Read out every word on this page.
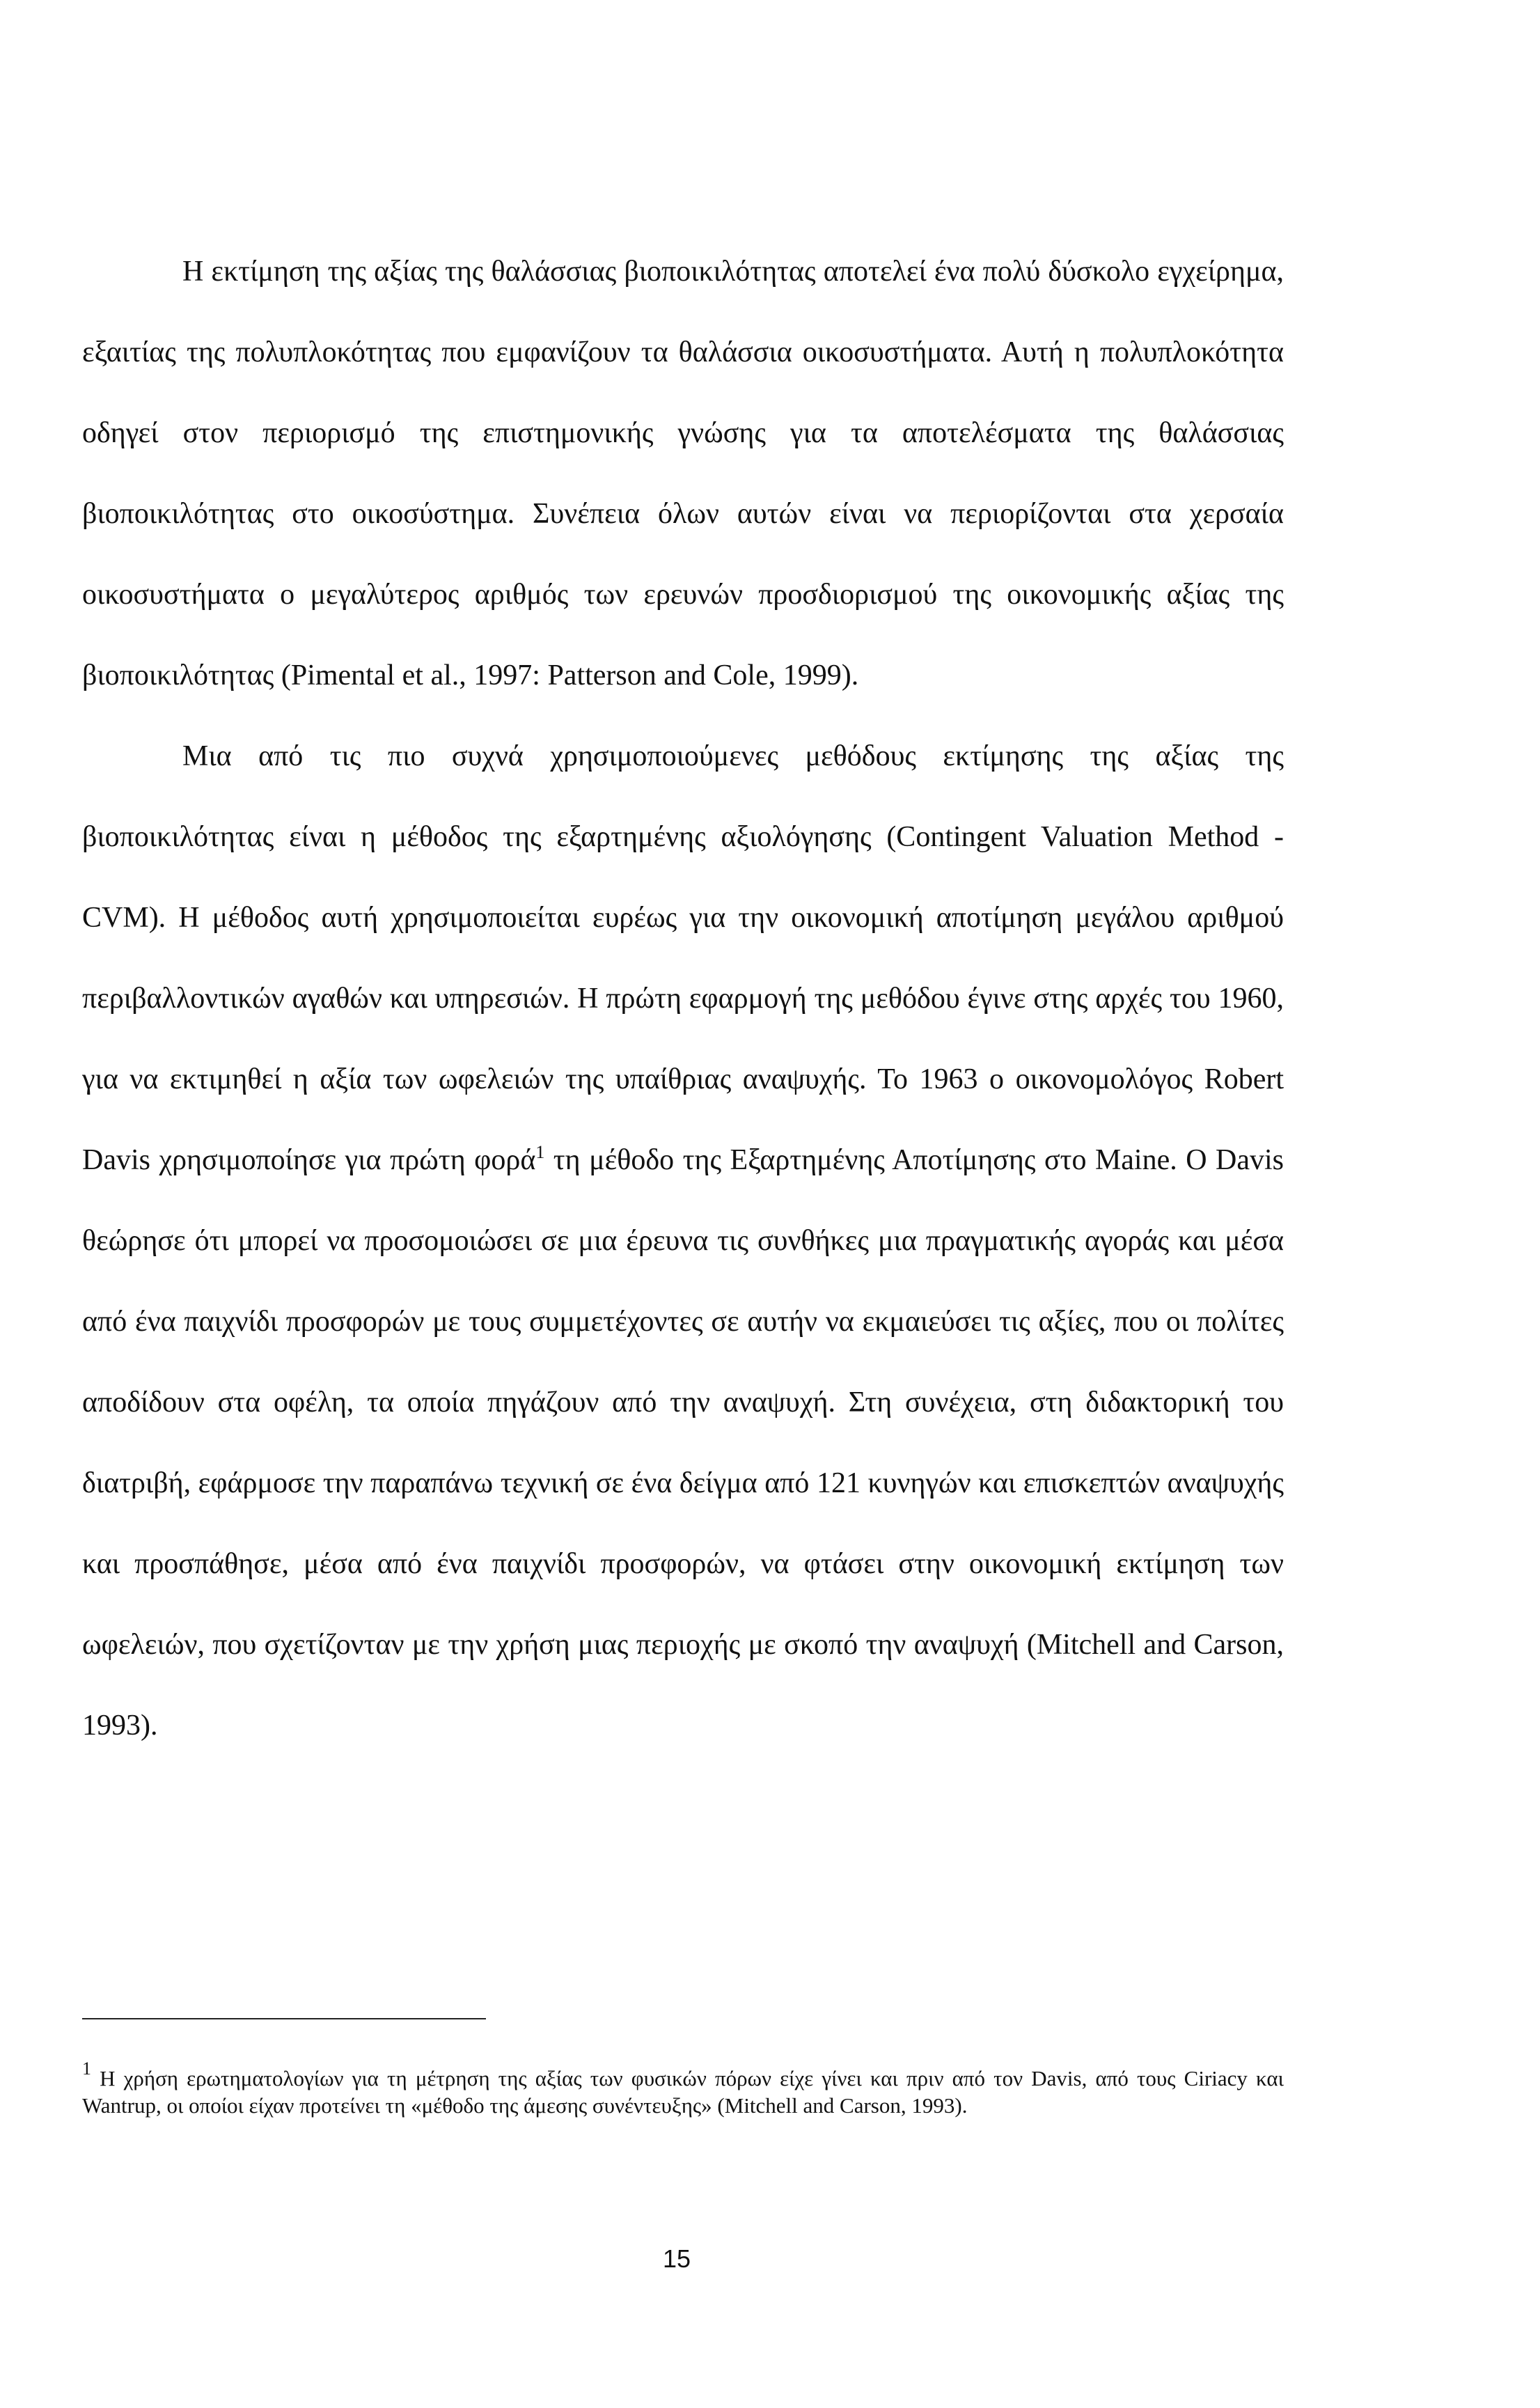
Η εκτίμηση της αξίας της θαλάσσιας βιοποικιλότητας αποτελεί ένα πολύ δύσκολο εγχείρημα, εξαιτίας της πολυπλοκότητας που εμφανίζουν τα θαλάσσια οικοσυστήματα. Αυτή η πολυπλοκότητα οδηγεί στον περιορισμό της επιστημονικής γνώσης για τα αποτελέσματα της θαλάσσιας βιοποικιλότητας στο οικοσύστημα. Συνέπεια όλων αυτών είναι να περιορίζονται στα χερσαία οικοσυστήματα ο μεγαλύτερος αριθμός των ερευνών προσδιορισμού της οικονομικής αξίας της βιοποικιλότητας (Pimental et al., 1997: Patterson and Cole, 1999).

Μια από τις πιο συχνά χρησιμοποιούμενες μεθόδους εκτίμησης της αξίας της βιοποικιλότητας είναι η μέθοδος της εξαρτημένης αξιολόγησης (Contingent Valuation Method - CVM). Η μέθοδος αυτή χρησιμοποιείται ευρέως για την οικονομική αποτίμηση μεγάλου αριθμού περιβαλλοντικών αγαθών και υπηρεσιών. Η πρώτη εφαρμογή της μεθόδου έγινε στης αρχές του 1960, για να εκτιμηθεί η αξία των ωφελειών της υπαίθριας αναψυχής. Το 1963 ο οικονομολόγος Robert Davis χρησιμοποίησε για πρώτη φορά$^1$ τη μέθοδο της Εξαρτημένης Αποτίμησης στο Maine. Ο Davis θεώρησε ότι μπορεί να προσομοιώσει σε μια έρευνα τις συνθήκες μια πραγματικής αγοράς και μέσα από ένα παιχνίδι προσφορών με τους συμμετέχοντες σε αυτήν να εκμαιεύσει τις αξίες, που οι πολίτες αποδίδουν στα οφέλη, τα οποία πηγάζουν από την αναψυχή. Στη συνέχεια, στη διδακτορική του διατριβή, εφάρμοσε την παραπάνω τεχνική σε ένα δείγμα από 121 κυνηγών και επισκεπτών αναψυχής και προσπάθησε, μέσα από ένα παιχνίδι προσφορών, να φτάσει στην οικονομική εκτίμηση των ωφελειών, που σχετίζονταν με την χρήση μιας περιοχής με σκοπό την αναψυχή (Mitchell and Carson, 1993).

$^1$ Η χρήση ερωτηματολογίων για τη μέτρηση της αξίας των φυσικών πόρων είχε γίνει και πριν από τον Davis, από τους Ciriacy και Wantrup, οι οποίοι είχαν προτείνει τη «μέθοδο της άμεσης συνέντευξης» (Mitchell and Carson, 1993).

15
